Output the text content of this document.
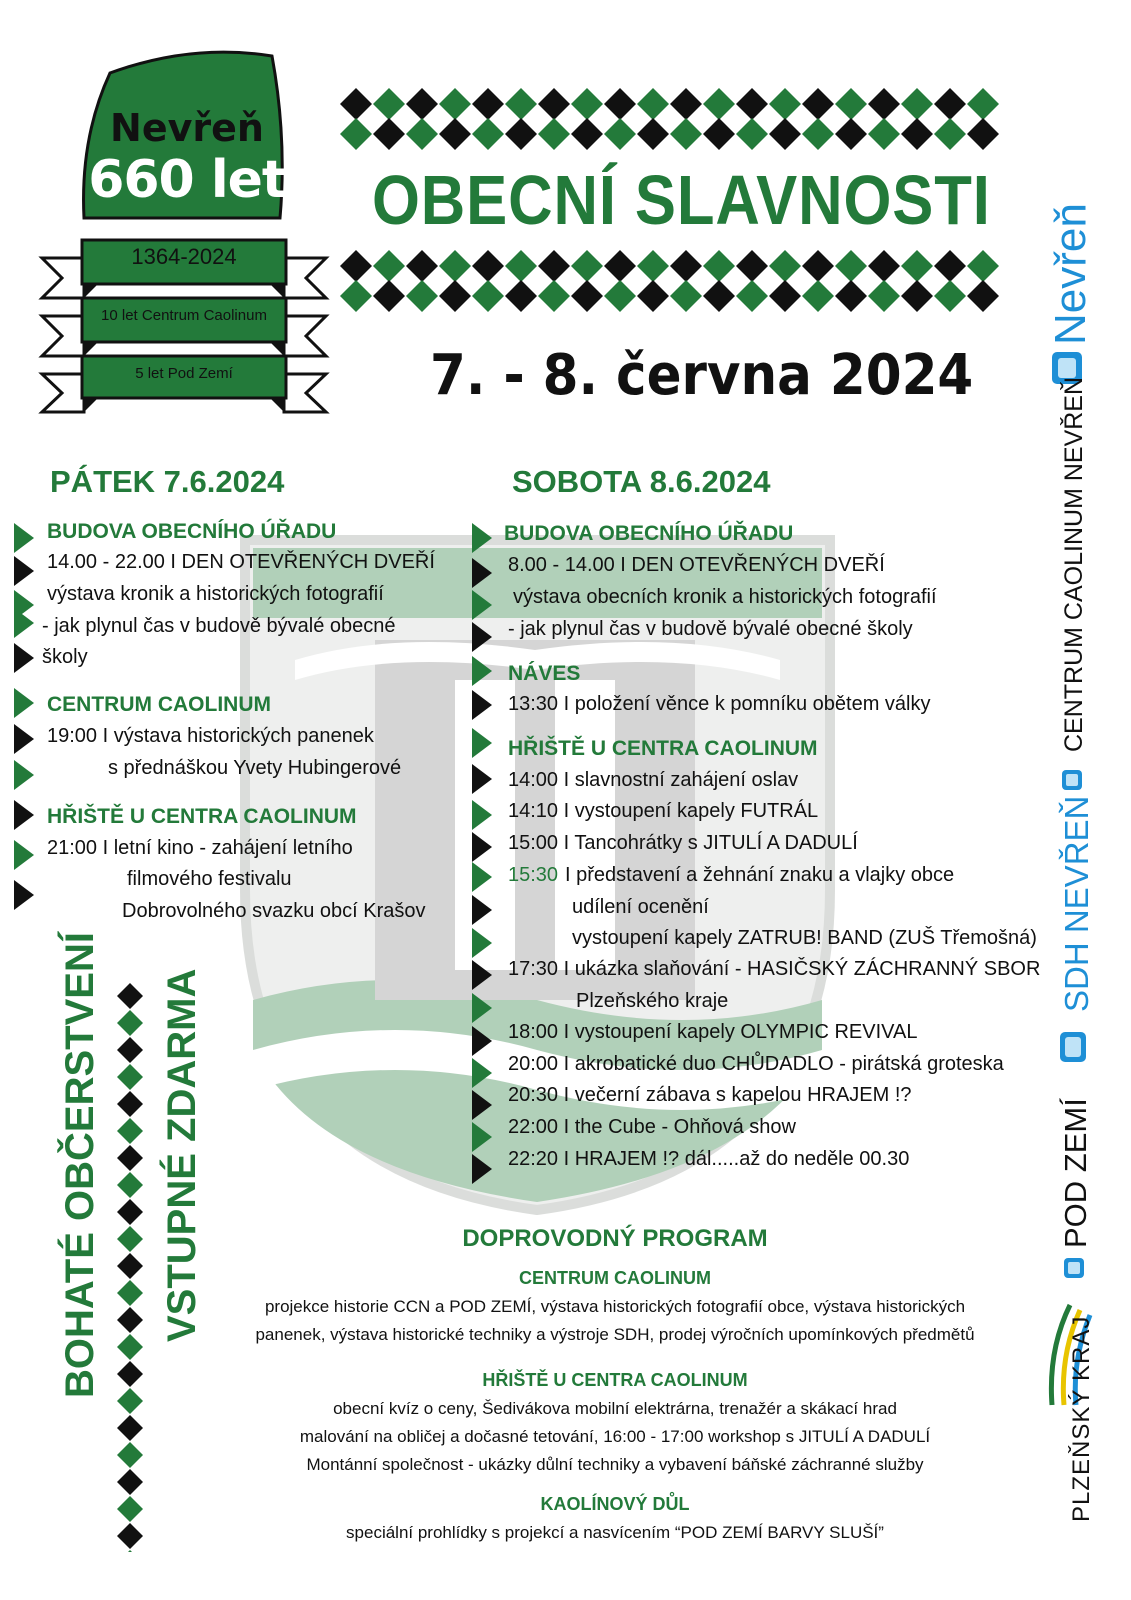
Nevřeň
660 let
1364-2024
10 let Centrum Caolinum
5 let Pod Zemí
OBECNÍ SLAVNOSTI
7. - 8. června 2024
PÁTEK 7.6.2024
BUDOVA OBECNÍHO ÚŘADU
14.00 - 22.00 I DEN OTEVŘENÝCH DVEŘÍ
výstava kronik a historických fotografií
- jak plynul čas v budově bývalé obecné
školy
CENTRUM CAOLINUM
19:00 I výstava historických panenek
s přednáškou Yvety Hubingerové
HŘIŠTĚ U CENTRA CAOLINUM
21:00 I letní kino - zahájení letního
filmového festivalu
Dobrovolného svazku obcí Krašov
SOBOTA 8.6.2024
BUDOVA OBECNÍHO ÚŘADU
8.00 - 14.00 I DEN OTEVŘENÝCH DVEŘÍ
výstava obecních kronik a historických fotografií
- jak plynul čas v budově bývalé obecné školy
NÁVES
13:30 I položení věnce k pomníku obětem války
HŘIŠTĚ U CENTRA CAOLINUM
14:00 I slavnostní zahájení oslav
14:10 I vystoupení kapely FUTRÁL
15:00 I Tancohrátky s JITULÍ A DADULÍ
15:30 I představení a žehnání znaku a vlajky obce
udílení ocenění
vystoupení kapely ZATRUB! BAND (ZUŠ Třemošná)
17:30 I ukázka slaňování - HASIČSKÝ ZÁCHRANNÝ SBOR
Plzeňského kraje
18:00 I vystoupení kapely OLYMPIC REVIVAL
20:00 I akrobatické duo CHŮDADLO - pirátská groteska
20:30 I večerní zábava s kapelou HRAJEM !?
22:00 I the Cube - Ohňová show
22:20 I HRAJEM !? dál.....až do neděle 00.30
BOHATÉ OBČERSTVENÍ VSTUPNÉ ZDARMA	DOPROVODNÝ PROGRAM
CENTRUM CAOLINUM
projekce historie CCN a POD ZEMÍ, výstava historických fotografií obce, výstava historických
panenek, výstava historické techniky a výstroje SDH, prodej výročních upomínkových předmětů
HŘIŠTĚ U CENTRA CAOLINUM
obecní kvíz o ceny, Šedivákova mobilní elektrárna, trenažér a skákací hrad
malování na obličej a dočasné tetování, 16:00 - 17:00 workshop s JITULÍ A DADULÍ
Montánní společnost - ukázky důlní techniky a vybavení báňské záchranné služby
KAOLÍNOVÝ DŮL
speciální prohlídky s projekcí a nasvícením “POD ZEMÍ BARVY SLUŠÍ”
Nevřeň
CENTRUM CAOLINUM NEVŘEŇ
SDH NEVŘEŇ
POD ZEMÍ
PLZEŇSKÝ KRAJ
